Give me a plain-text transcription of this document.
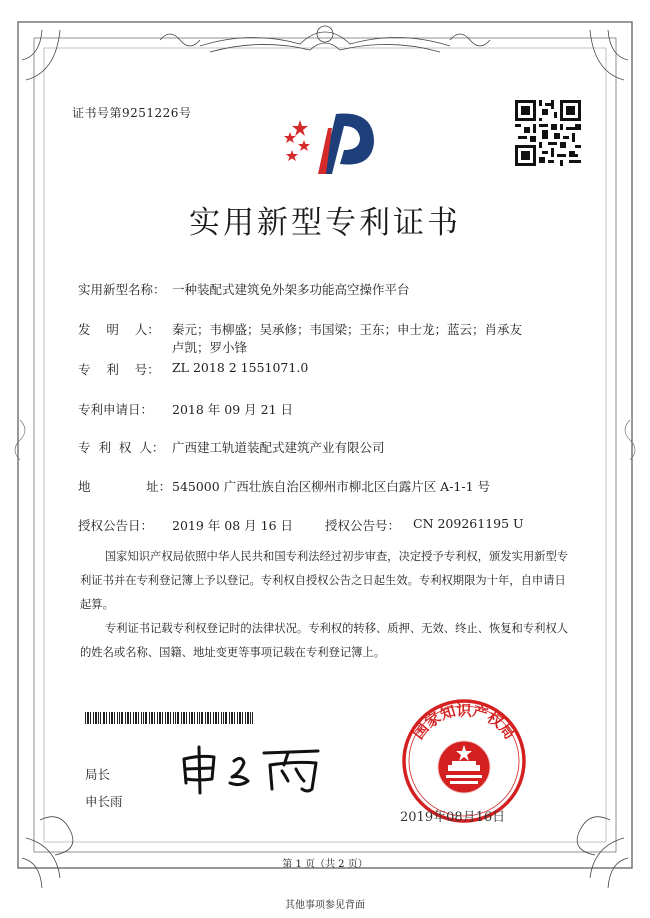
证书号第9251226号
实用新型专利证书
实用新型名称： 一种装配式建筑免外架多功能高空操作平台
发    明    人： 秦元；韦柳盛；吴承修；韦国梁；王东；申士龙；蓝云；肖承友
卢凯；罗小锋
专    利    号： ZL 2018 2 1551071.0
专利申请日： 2018 年 09 月 21 日
专  利  权  人： 广西建工轨道装配式建筑产业有限公司
地              址： 545000 广西壮族自治区柳州市柳北区白露片区 A-1-1 号
授权公告日： 2019 年 08 月 16 日	授权公告号： CN 209261195 U

国家知识产权局依照中华人民共和国专利法经过初步审查，决定授予专利权，颁发实用新型专利证书并在专利登记簿上予以登记。专利权自授权公告之日起生效。专利权期限为十年，自申请日起算。

专利证书记载专利权登记时的法律状况。专利权的转移、质押、无效、终止、恢复和专利权人的姓名或名称、国籍、地址变更等事项记载在专利登记簿上。

局长
申长雨
国家知识产权局
2019年08月16日
第 1 页（共 2 页）
其他事项参见背面
